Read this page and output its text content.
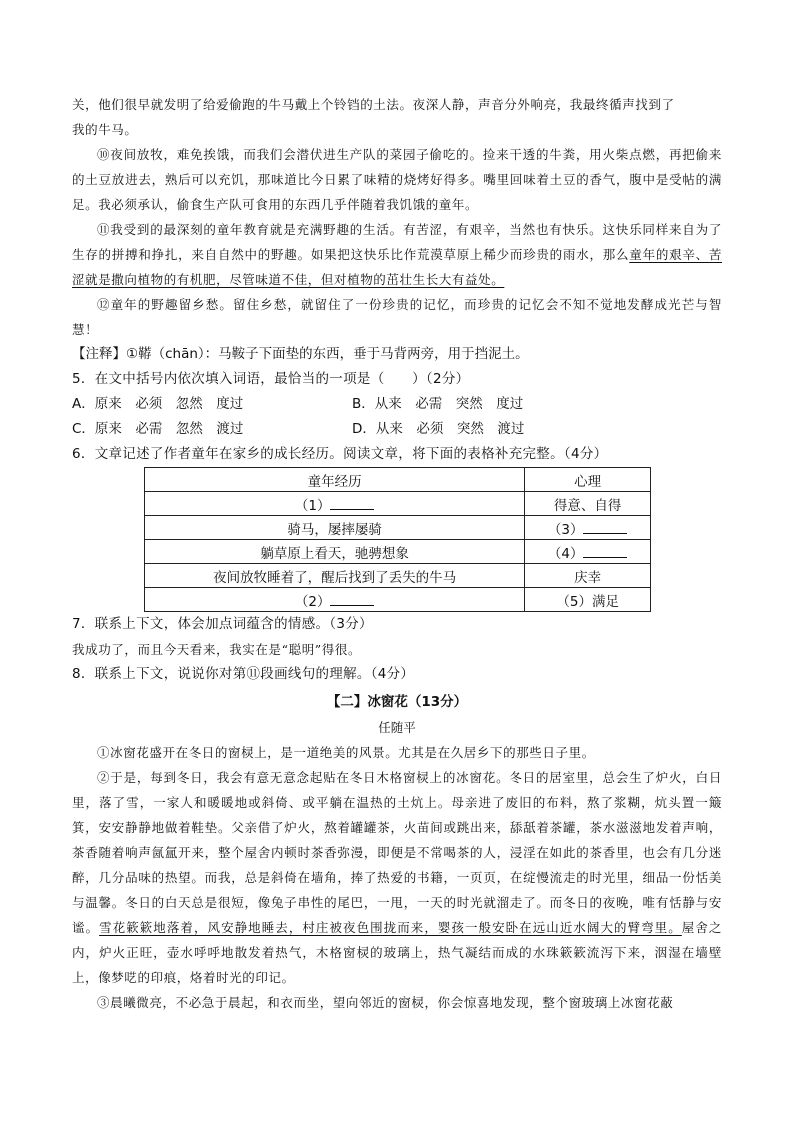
关，他们很早就发明了给爱偷跑的牛马戴上个铃铛的土法。夜深人静，声音分外响亮，我最终循声找到了
我的牛马。

⑩夜间放牧，难免挨饿，而我们会潜伏进生产队的菜园子偷吃的。捡来干透的牛粪，用火柴点燃，再把偷来的土豆放进去，熟后可以充饥，那味道比今日累了味精的烧烤好得多。嘴里回味着土豆的香气，腹中是受帖的满足。我必须承认，偷食生产队可食用的东西几乎伴随着我饥饿的童年。

⑪我受到的最深刻的童年教育就是充满野趣的生活。有苦涩，有艰辛，当然也有快乐。这快乐同样来自为了生存的拼搏和挣扎，来自自然中的野趣。如果把这快乐比作荒漠草原上稀少而珍贵的雨水，那么童年的艰辛、苦涩就是撒向植物的有机肥，尽管味道不佳，但对植物的茁壮生长大有益处。

⑫童年的野趣留乡愁。留住乡愁，就留住了一份珍贵的记忆，而珍贵的记忆会不知不觉地发酵成光芒与智慧！

【注释】①鞯（chān）：马鞍子下面垫的东西，垂于马背两旁，用于挡泥土。

5．在文中括号内依次填入词语，最恰当的一项是（　　）（2分）

A．原来　必须　忽然　度过	B．从来　必需　突然　度过
C．原来　必需　忽然　渡过	D．从来　必须　突然　渡过

6．文章记述了作者童年在家乡的成长经历。阅读文章，将下面的表格补充完整。（4分）

童年经历	心理
（1）	得意、自得
骑马，屡摔屡骑	（3）
躺草原上看天，驰骋想象	（4）
夜间放牧睡着了，醒后找到了丢失的牛马	庆幸
（2）	（5）满足

7．联系上下文，体会加点词蕴含的情感。（3分）

我成功了，而且今天看来，我实在是“聪明”得很。

8．联系上下文，说说你对第⑪段画线句的理解。（4分）

【二】冰窗花（13分）

任随平

①冰窗花盛开在冬日的窗棂上，是一道绝美的风景。尤其是在久居乡下的那些日子里。

②于是，每到冬日，我会有意无意念起贴在冬日木格窗棂上的冰窗花。冬日的居室里，总会生了炉火，白日里，落了雪，一家人和暖暖地或斜倚、或平躺在温热的土炕上。母亲进了废旧的布料，熬了浆糊，炕头置一簸箕，安安静静地做着鞋垫。父亲借了炉火，熬着罐罐茶，火苗间或跳出来，舔舐着茶罐，茶水滋滋地发着声响，茶香随着响声氤氲开来，整个屋舍内顿时茶香弥漫，即便是不常喝茶的人，浸淫在如此的茶香里，也会有几分迷醉，几分品味的热望。而我，总是斜倚在墙角，捧了热爱的书籍，一页页，在绽慢流走的时光里，细品一份恬美与温馨。冬日的白天总是很短，像兔子串性的尾巴，一甩，一天的时光就溜走了。而冬日的夜晚，唯有恬静与安谧。雪花簌簌地落着，风安静地睡去，村庄被夜色围拢而来，婴孩一般安卧在远山近水阔大的臂弯里。屋舍之内，炉火正旺，壶水呼呼地散发着热气，木格窗棂的玻璃上，热气凝结而成的水珠簌簌流泻下来，洇湿在墙壁上，像梦呓的印痕，烙着时光的印记。

③晨曦微亮，不必急于晨起，和衣而坐，望向邻近的窗棂，你会惊喜地发现，整个窗玻璃上冰窗花蔽
